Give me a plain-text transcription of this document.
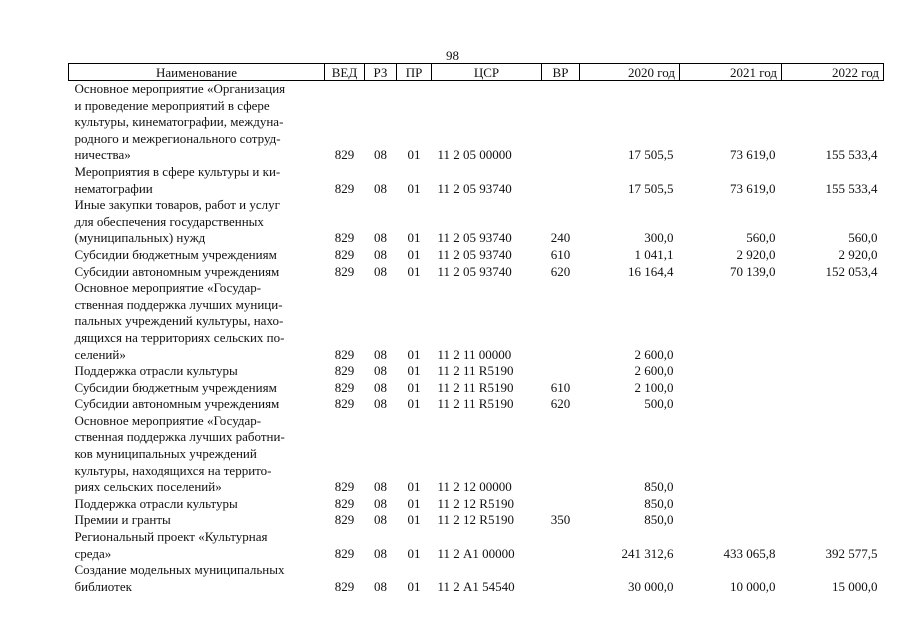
98
Наименование	ВЕД	РЗ	ПР	ЦСР	ВР	2020 год	2021 год	2022 год
Основное мероприятие «Организация
и проведение мероприятий в сфере
культуры, кинематографии, междуна-
родного и межрегионального сотруд-
ничества»	829	08	01	11 2 05 00000		17 505,5	73 619,0	155 533,4
Мероприятия в сфере культуры и ки-
нематографии	829	08	01	11 2 05 93740		17 505,5	73 619,0	155 533,4
Иные закупки товаров, работ и услуг
для обеспечения государственных
(муниципальных) нужд	829	08	01	11 2 05 93740	240	300,0	560,0	560,0
Субсидии бюджетным учреждениям	829	08	01	11 2 05 93740	610	1 041,1	2 920,0	2 920,0
Субсидии автономным учреждениям	829	08	01	11 2 05 93740	620	16 164,4	70 139,0	152 053,4
Основное мероприятие «Государ-
ственная поддержка лучших муници-
пальных учреждений культуры, нахо-
дящихся на территориях сельских по-
селений»	829	08	01	11 2 11 00000		2 600,0		
Поддержка отрасли культуры	829	08	01	11 2 11 R5190		2 600,0		
Субсидии бюджетным учреждениям	829	08	01	11 2 11 R5190	610	2 100,0		
Субсидии автономным учреждениям	829	08	01	11 2 11 R5190	620	500,0		
Основное мероприятие «Государ-
ственная поддержка лучших работни-
ков муниципальных учреждений
культуры, находящихся на террито-
риях сельских поселений»	829	08	01	11 2 12 00000		850,0		
Поддержка отрасли культуры	829	08	01	11 2 12 R5190		850,0		
Премии и гранты	829	08	01	11 2 12 R5190	350	850,0		
Региональный проект «Культурная
среда»	829	08	01	11 2 А1 00000		241 312,6	433 065,8	392 577,5
Создание модельных муниципальных
библиотек	829	08	01	11 2 А1 54540		30 000,0	10 000,0	15 000,0
